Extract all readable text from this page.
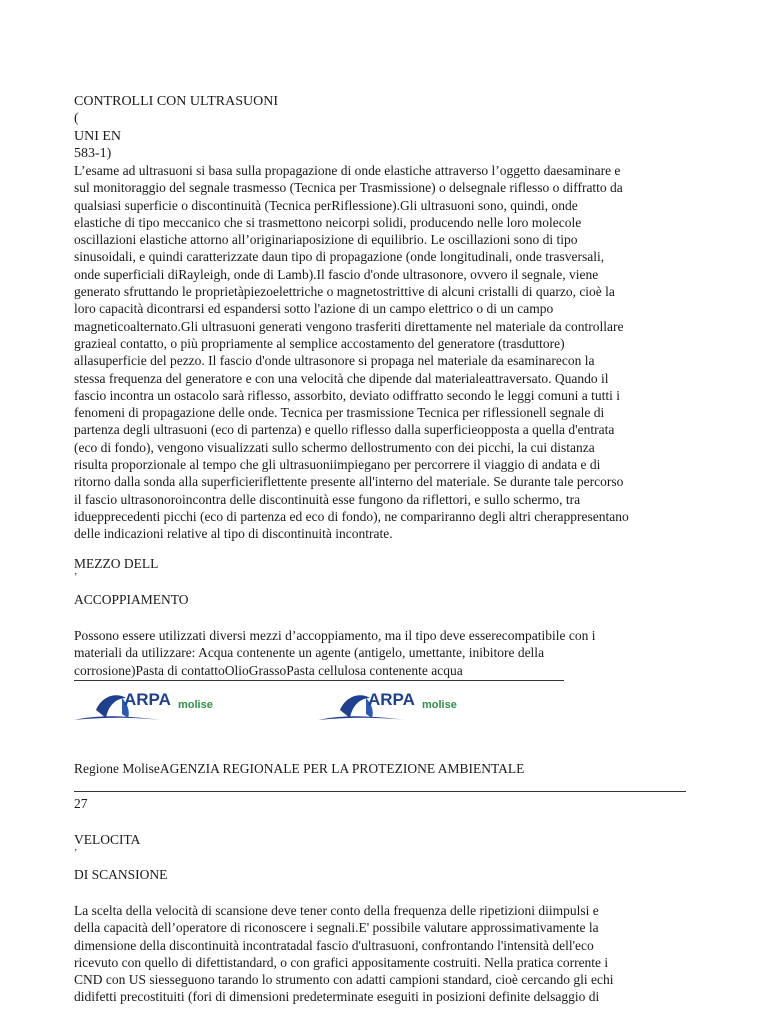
CONTROLLI CON ULTRASUONI
(
UNI EN
583-1)
L’esame ad ultrasuoni si basa sulla propagazione di onde elastiche attraverso l’oggetto daesaminare e
sul monitoraggio del segnale trasmesso (Tecnica per Trasmissione) o delsegnale riflesso o diffratto da
qualsiasi superficie o discontinuità (Tecnica perRiflessione).Gli ultrasuoni sono, quindi, onde
elastiche di tipo meccanico che si trasmettono neicorpi solidi, producendo nelle loro molecole
oscillazioni elastiche attorno all’originariaposizione di equilibrio. Le oscillazioni sono di tipo
sinusoidali, e quindi caratterizzate daun tipo di propagazione (onde longitudinali, onde trasversali,
onde superficiali diRayleigh, onde di Lamb).Il fascio d'onde ultrasonore, ovvero il segnale, viene
generato sfruttando le proprietàpiezoelettriche o magnetostrittive di alcuni cristalli di quarzo, cioè la
loro capacità dicontrarsi ed espandersi sotto l'azione di un campo elettrico o di un campo
magneticoalternato.Gli ultrasuoni generati vengono trasferiti direttamente nel materiale da controllare
grazieal contatto, o più propriamente al semplice accostamento del generatore (trasduttore)
allasuperficie del pezzo. Il fascio d'onde ultrasonore si propaga nel materiale da esaminarecon la
stessa frequenza del generatore e con una velocità che dipende dal materialeattraversato. Quando il
fascio incontra un ostacolo sarà riflesso, assorbito, deviato odiffratto secondo le leggi comuni a tutti i
fenomeni di propagazione delle onde. Tecnica per trasmissione Tecnica per riflessionell segnale di
partenza degli ultrasuoni (eco di partenza) e quello riflesso dalla superficieopposta a quella d'entrata
(eco di fondo), vengono visualizzati sullo schermo dellostrumento con dei picchi, la cui distanza
risulta proporzionale al tempo che gli ultrasuoniimpiegano per percorrere il viaggio di andata e di
ritorno dalla sonda alla superficieriflettente presente all'interno del materiale. Se durante tale percorso
il fascio ultrasonoroincontra delle discontinuità esse fungono da riflettori, e sullo schermo, tra
iduepprecedenti picchi (eco di partenza ed eco di fondo), ne compariranno degli altri cherappresentano
delle indicazioni relative al tipo di discontinuità incontrate.
MEZZO DELL
’
ACCOPPIAMENTO
Possono essere utilizzati diversi mezzi d’accoppiamento, ma il tipo deve esserecompatibile con i
materiali da utilizzare: Acqua contenente un agente (antigelo, umettante, inibitore della
corrosione)Pasta di contattoOlioGrassoPasta cellulosa contenente acqua
ARPA molise	ARPA molise
Regione MoliseAGENZIA REGIONALE PER LA PROTEZIONE AMBIENTALE
27
VELOCITA
’
DI SCANSIONE
La scelta della velocità di scansione deve tener conto della frequenza delle ripetizioni diimpulsi e
della capacità dell’operatore di riconoscere i segnali.E' possibile valutare approssimativamente la
dimensione della discontinuità incontratadal fascio d'ultrasuoni, confrontando l'intensità dell'eco
ricevuto con quello di difettistandard, o con grafici appositamente costruiti. Nella pratica corrente i
CND con US siesseguono tarando lo strumento con adatti campioni standard, cioè cercando gli echi
didifetti precostituiti (fori di dimensioni predeterminate eseguiti in posizioni definite delsaggio di
